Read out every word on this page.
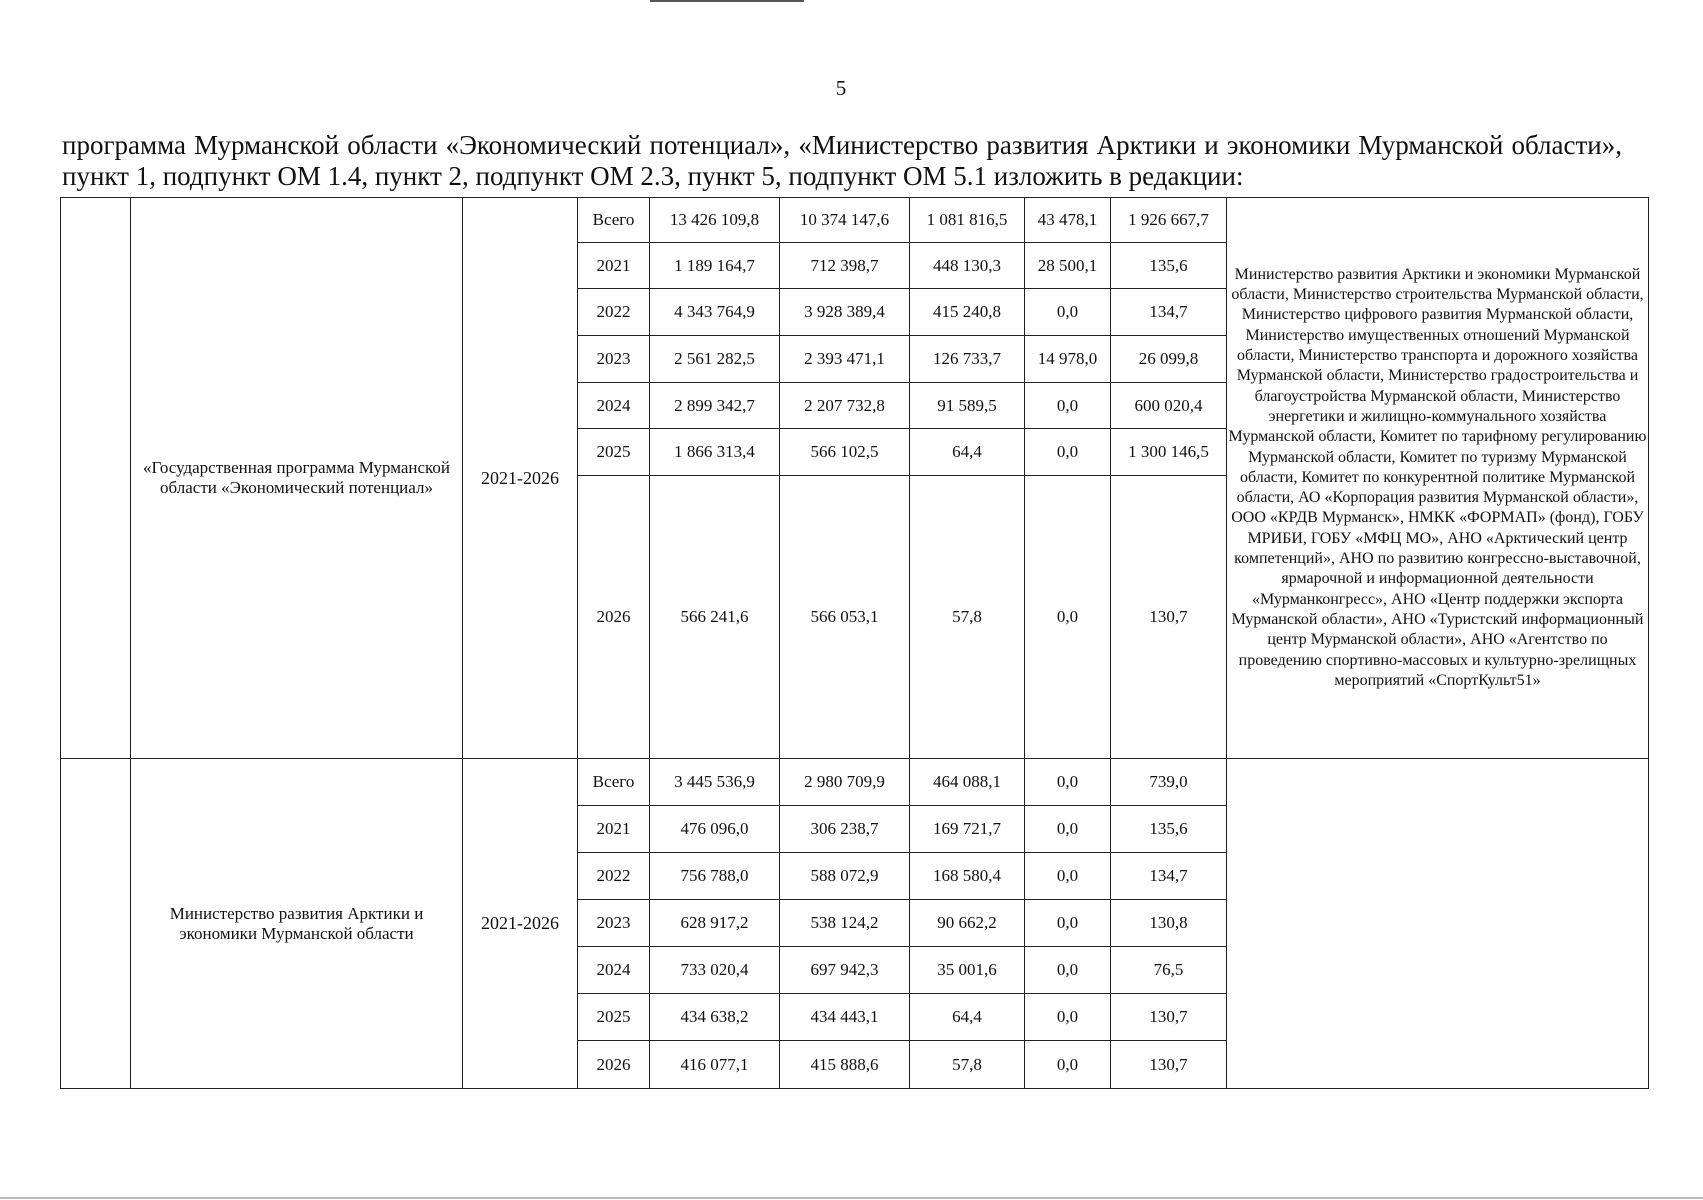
5
программа Мурманской области «Экономический потенциал», «Министерство развития Арктики и экономики Мурманской области», пункт 1, подпункт ОМ 1.4, пункт 2, подпункт ОМ 2.3, пункт 5, подпункт ОМ 5.1 изложить в редакции:
	«Государственная программа Мурманской области «Экономический потенциал»	2021-2026	Всего	13 426 109,8	10 374 147,6	1 081 816,5	43 478,1	1 926 667,7	Министерство развития Арктики и экономики Мурманской области, Министерство строительства Мурманской области, Министерство цифрового развития Мурманской области, Министерство имущественных отношений Мурманской области, Министерство транспорта и дорожного хозяйства Мурманской области, Министерство градостроительства и благоустройства Мурманской области, Министерство энергетики и жилищно-коммунального хозяйства Мурманской области, Комитет по тарифному регулированию Мурманской области, Комитет по туризму Мурманской области, Комитет по конкурентной политике Мурманской области, АО «Корпорация развития Мурманской области», ООО «КРДВ Мурманск», НМКК «ФОРМАП» (фонд), ГОБУ МРИБИ, ГОБУ «МФЦ МО», АНО «Арктический центр компетенций», АНО по развитию конгрессно-выставочной, ярмарочной и информационной деятельности «Мурманконгресс», АНО «Центр поддержки экспорта Мурманской области», АНО «Туристский информационный центр Мурманской области», АНО «Агентство по проведению спортивно-массовых и культурно-зрелищных мероприятий «СпортКульт51»
			2021	1 189 164,7	712 398,7	448 130,3	28 500,1	135,6	
			2022	4 343 764,9	3 928 389,4	415 240,8	0,0	134,7	
			2023	2 561 282,5	2 393 471,1	126 733,7	14 978,0	26 099,8	
			2024	2 899 342,7	2 207 732,8	91 589,5	0,0	600 020,4	
			2025	1 866 313,4	566 102,5	64,4	0,0	1 300 146,5	
			2026	566 241,6	566 053,1	57,8	0,0	130,7	
	Министерство развития Арктики и экономики Мурманской области	2021-2026	Всего	3 445 536,9	2 980 709,9	464 088,1	0,0	739,0	
			2021	476 096,0	306 238,7	169 721,7	0,0	135,6	
			2022	756 788,0	588 072,9	168 580,4	0,0	134,7	
			2023	628 917,2	538 124,2	90 662,2	0,0	130,8	
			2024	733 020,4	697 942,3	35 001,6	0,0	76,5	
			2025	434 638,2	434 443,1	64,4	0,0	130,7	
			2026	416 077,1	415 888,6	57,8	0,0	130,7	
